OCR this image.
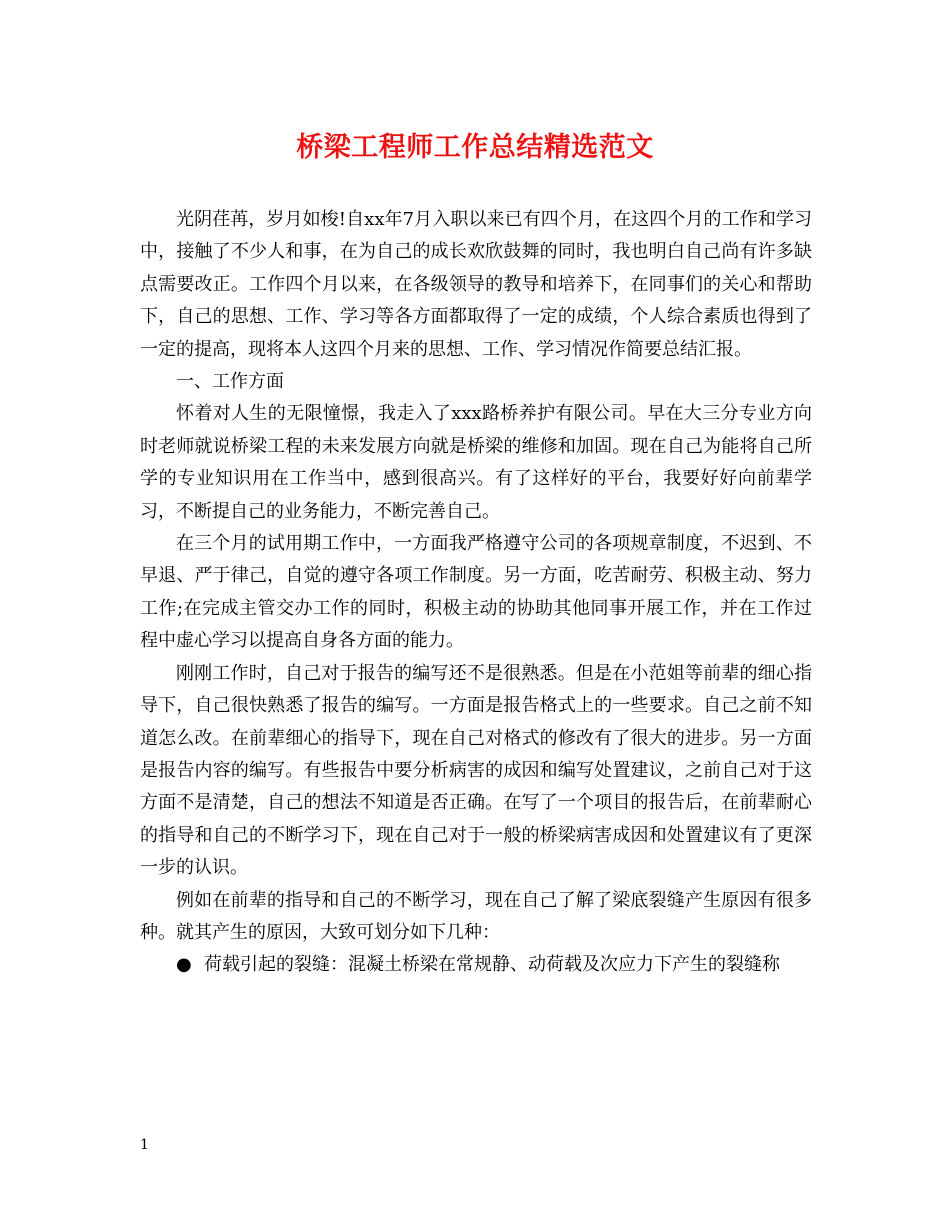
桥梁工程师工作总结精选范文

光阴荏苒，岁月如梭!自xx年7月入职以来已有四个月，在这四个月的工作和学习中，接触了不少人和事，在为自己的成长欢欣鼓舞的同时，我也明白自己尚有许多缺点需要改正。工作四个月以来，在各级领导的教导和培养下，在同事们的关心和帮助下，自己的思想、工作、学习等各方面都取得了一定的成绩，个人综合素质也得到了一定的提高，现将本人这四个月来的思想、工作、学习情况作简要总结汇报。

一、工作方面

怀着对人生的无限憧憬，我走入了xxx路桥养护有限公司。早在大三分专业方向时老师就说桥梁工程的未来发展方向就是桥梁的维修和加固。现在自己为能将自己所学的专业知识用在工作当中，感到很高兴。有了这样好的平台，我要好好向前辈学习，不断提自己的业务能力，不断完善自己。

在三个月的试用期工作中，一方面我严格遵守公司的各项规章制度，不迟到、不早退、严于律己，自觉的遵守各项工作制度。另一方面，吃苦耐劳、积极主动、努力工作;在完成主管交办工作的同时，积极主动的协助其他同事开展工作，并在工作过程中虚心学习以提高自身各方面的能力。

刚刚工作时，自己对于报告的编写还不是很熟悉。但是在小范姐等前辈的细心指导下，自己很快熟悉了报告的编写。一方面是报告格式上的一些要求。自己之前不知道怎么改。在前辈细心的指导下，现在自己对格式的修改有了很大的进步。另一方面是报告内容的编写。有些报告中要分析病害的成因和编写处置建议，之前自己对于这方面不是清楚，自己的想法不知道是否正确。在写了一个项目的报告后，在前辈耐心的指导和自己的不断学习下，现在自己对于一般的桥梁病害成因和处置建议有了更深一步的认识。

例如在前辈的指导和自己的不断学习，现在自己了解了梁底裂缝产生原因有很多种。就其产生的原因，大致可划分如下几种：

● 荷载引起的裂缝：混凝土桥梁在常规静、动荷载及次应力下产生的裂缝称

1
